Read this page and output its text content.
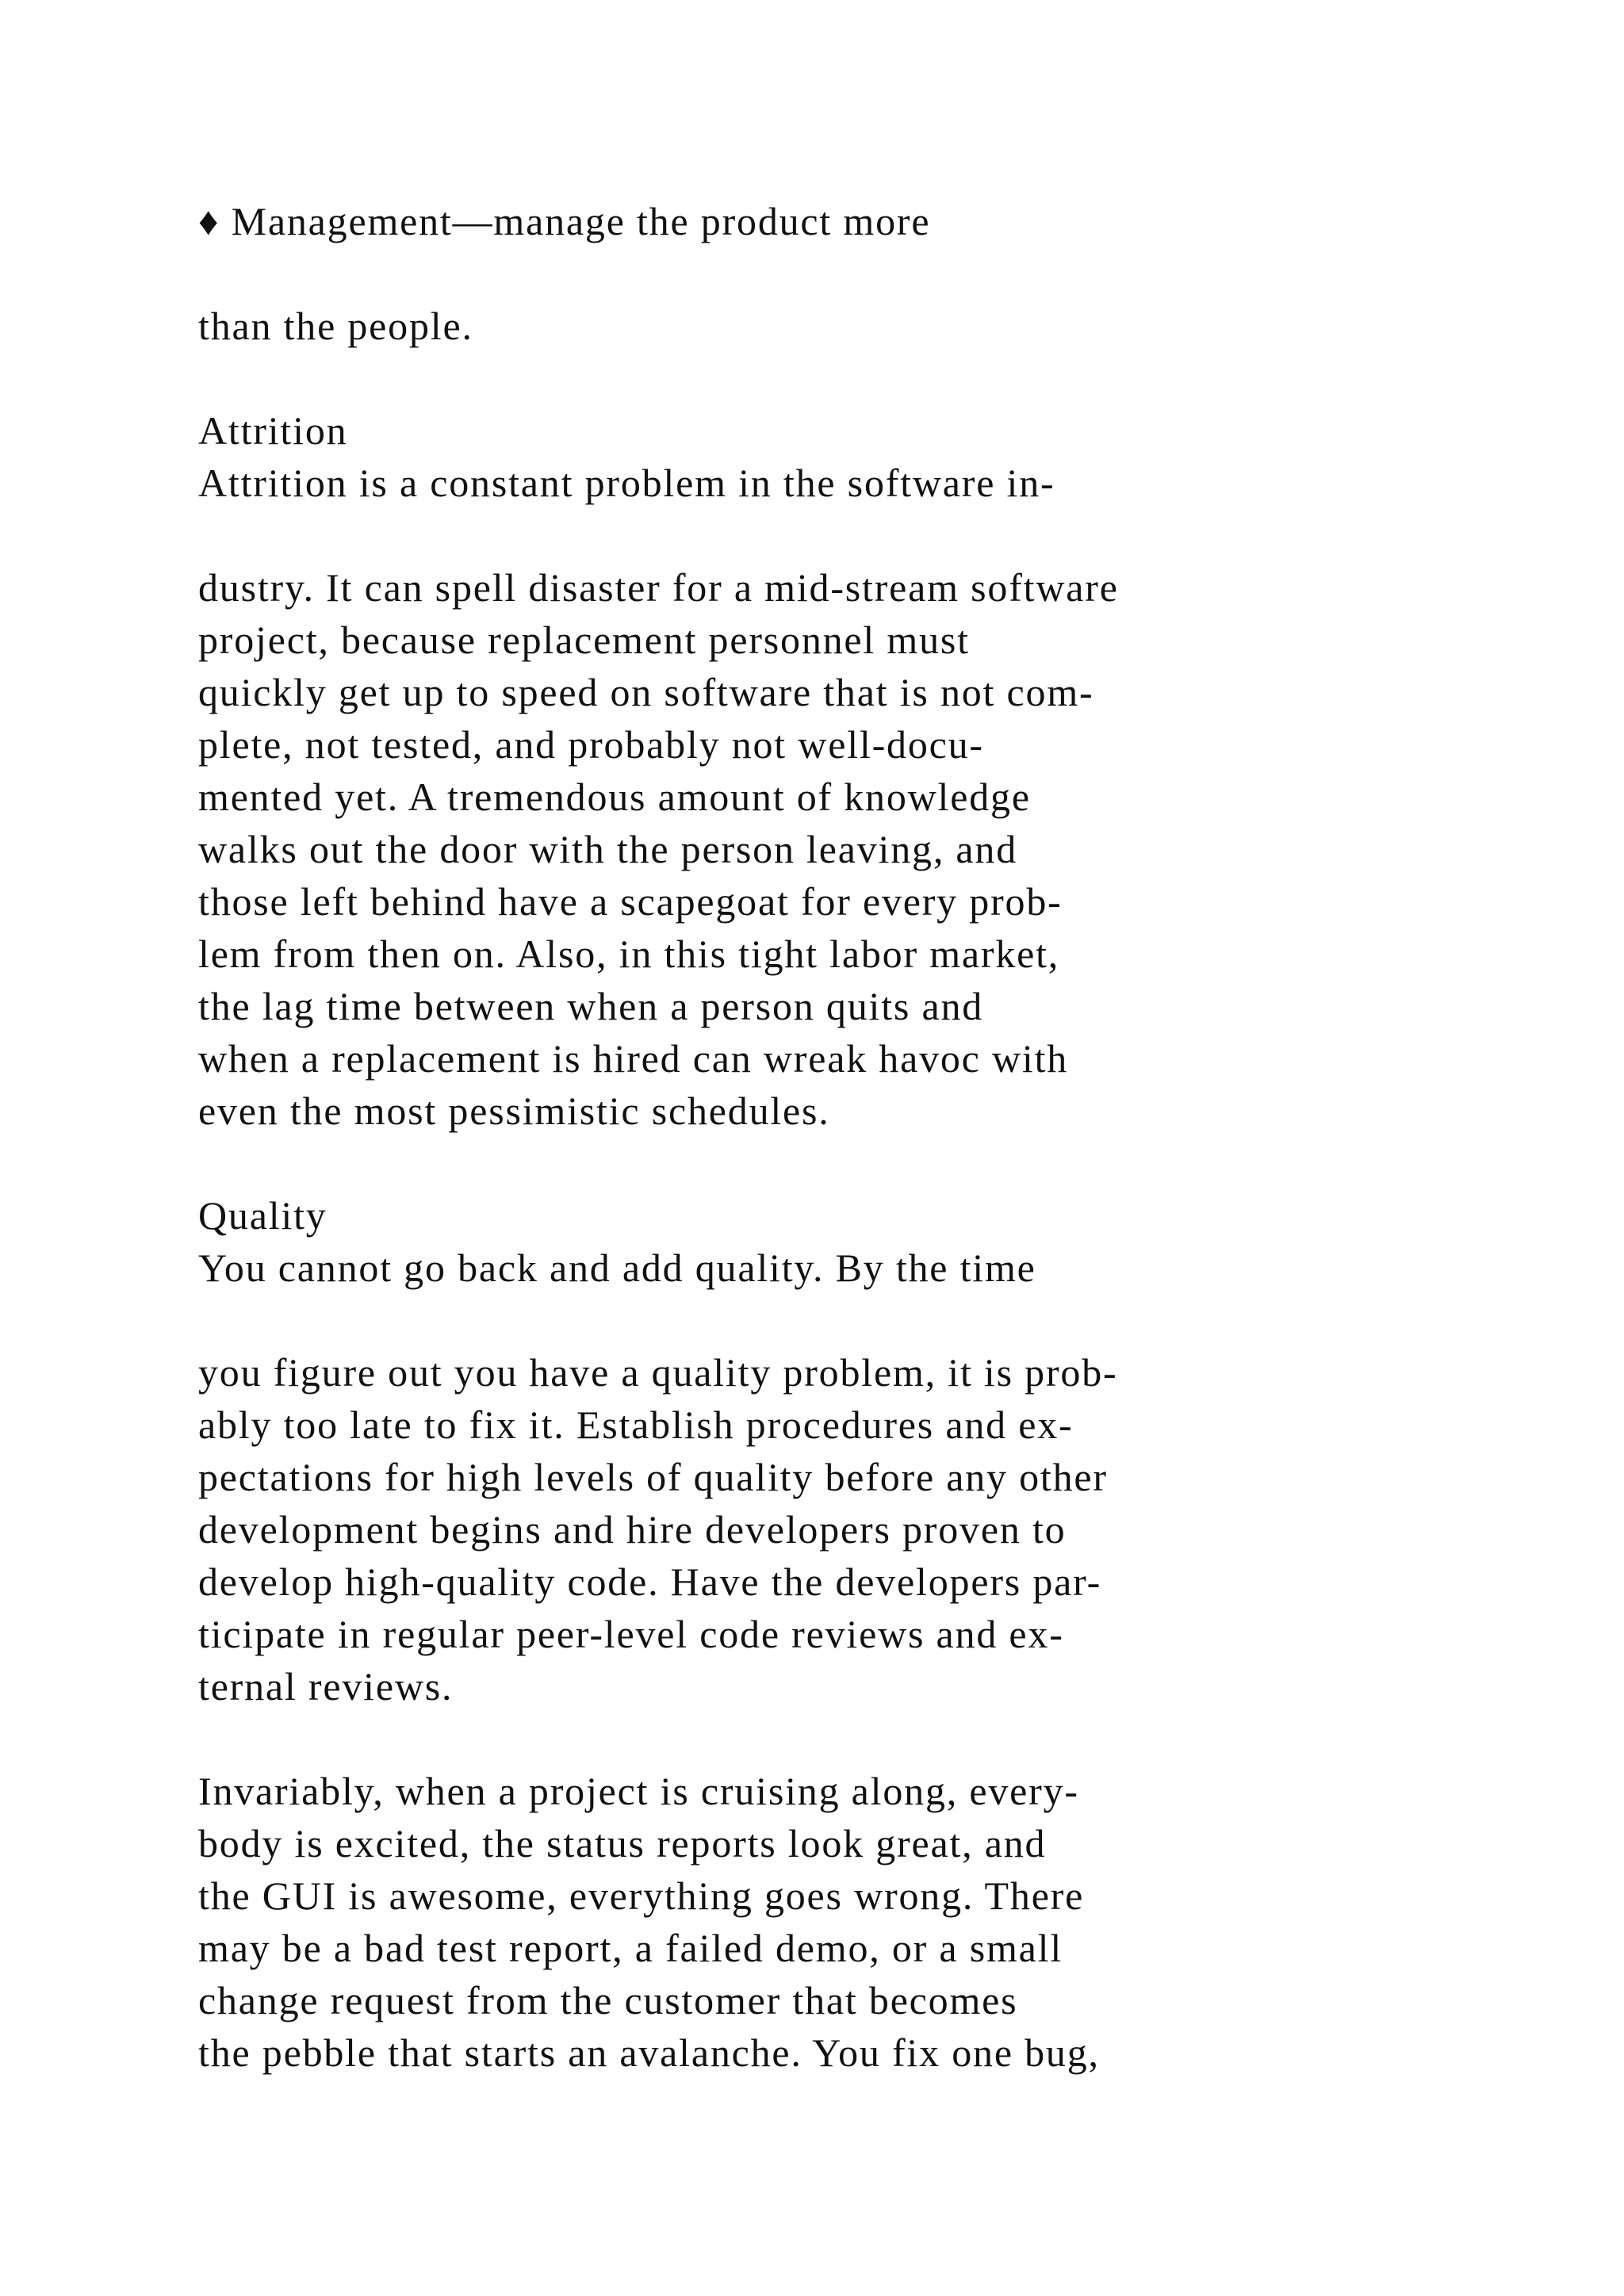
♦ Management—manage the product more

than the people.

Attrition

Attrition is a constant problem in the software in-

dustry. It can spell disaster for a mid-stream software

project, because replacement personnel must

quickly get up to speed on software that is not com-

plete, not tested, and probably not well-docu-

mented yet. A tremendous amount of knowledge

walks out the door with the person leaving, and

those left behind have a scapegoat for every prob-

lem from then on. Also, in this tight labor market,

the lag time between when a person quits and

when a replacement is hired can wreak havoc with

even the most pessimistic schedules.

Quality

You cannot go back and add quality. By the time

you figure out you have a quality problem, it is prob-

ably too late to fix it. Establish procedures and ex-

pectations for high levels of quality before any other

development begins and hire developers proven to

develop high-quality code. Have the developers par-

ticipate in regular peer-level code reviews and ex-

ternal reviews.

Invariably, when a project is cruising along, every-

body is excited, the status reports look great, and

the GUI is awesome, everything goes wrong. There

may be a bad test report, a failed demo, or a small

change request from the customer that becomes

the pebble that starts an avalanche. You fix one bug,
